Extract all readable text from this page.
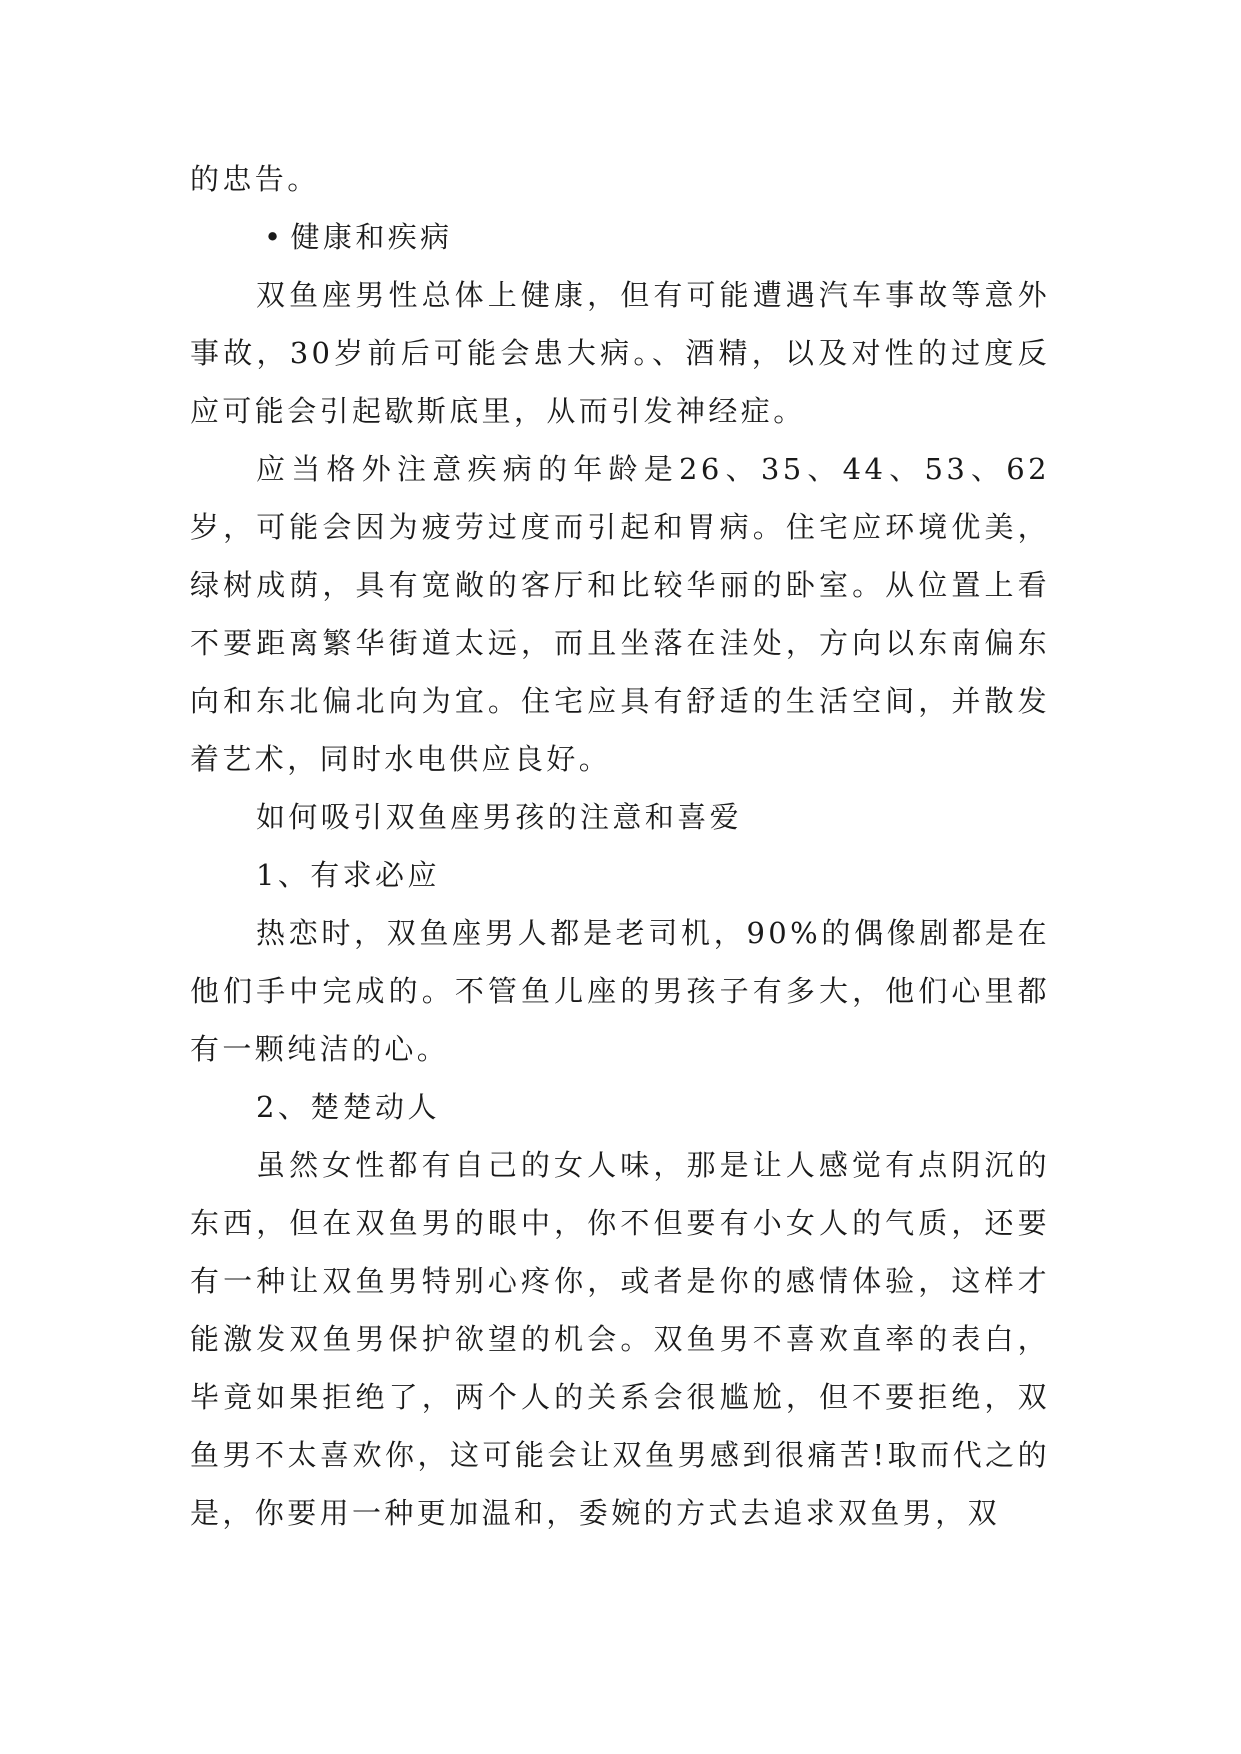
的忠告。

• 健康和疾病

双鱼座男性总体上健康，但有可能遭遇汽车事故等意外事故，30岁前后可能会患大病。、酒精，以及对性的过度反应可能会引起歇斯底里，从而引发神经症。

应当格外注意疾病的年龄是26、35、44、53、62岁，可能会因为疲劳过度而引起和胃病。住宅应环境优美，绿树成荫，具有宽敞的客厅和比较华丽的卧室。从位置上看不要距离繁华街道太远，而且坐落在洼处，方向以东南偏东向和东北偏北向为宜。住宅应具有舒适的生活空间，并散发着艺术，同时水电供应良好。

如何吸引双鱼座男孩的注意和喜爱

1、有求必应

热恋时，双鱼座男人都是老司机，90%的偶像剧都是在他们手中完成的。不管鱼儿座的男孩子有多大，他们心里都有一颗纯洁的心。

2、楚楚动人

虽然女性都有自己的女人味，那是让人感觉有点阴沉的东西，但在双鱼男的眼中，你不但要有小女人的气质，还要有一种让双鱼男特别心疼你，或者是你的感情体验，这样才能激发双鱼男保护欲望的机会。双鱼男不喜欢直率的表白，毕竟如果拒绝了，两个人的关系会很尴尬，但不要拒绝，双鱼男不太喜欢你，这可能会让双鱼男感到很痛苦!取而代之的是，你要用一种更加温和，委婉的方式去追求双鱼男，双
